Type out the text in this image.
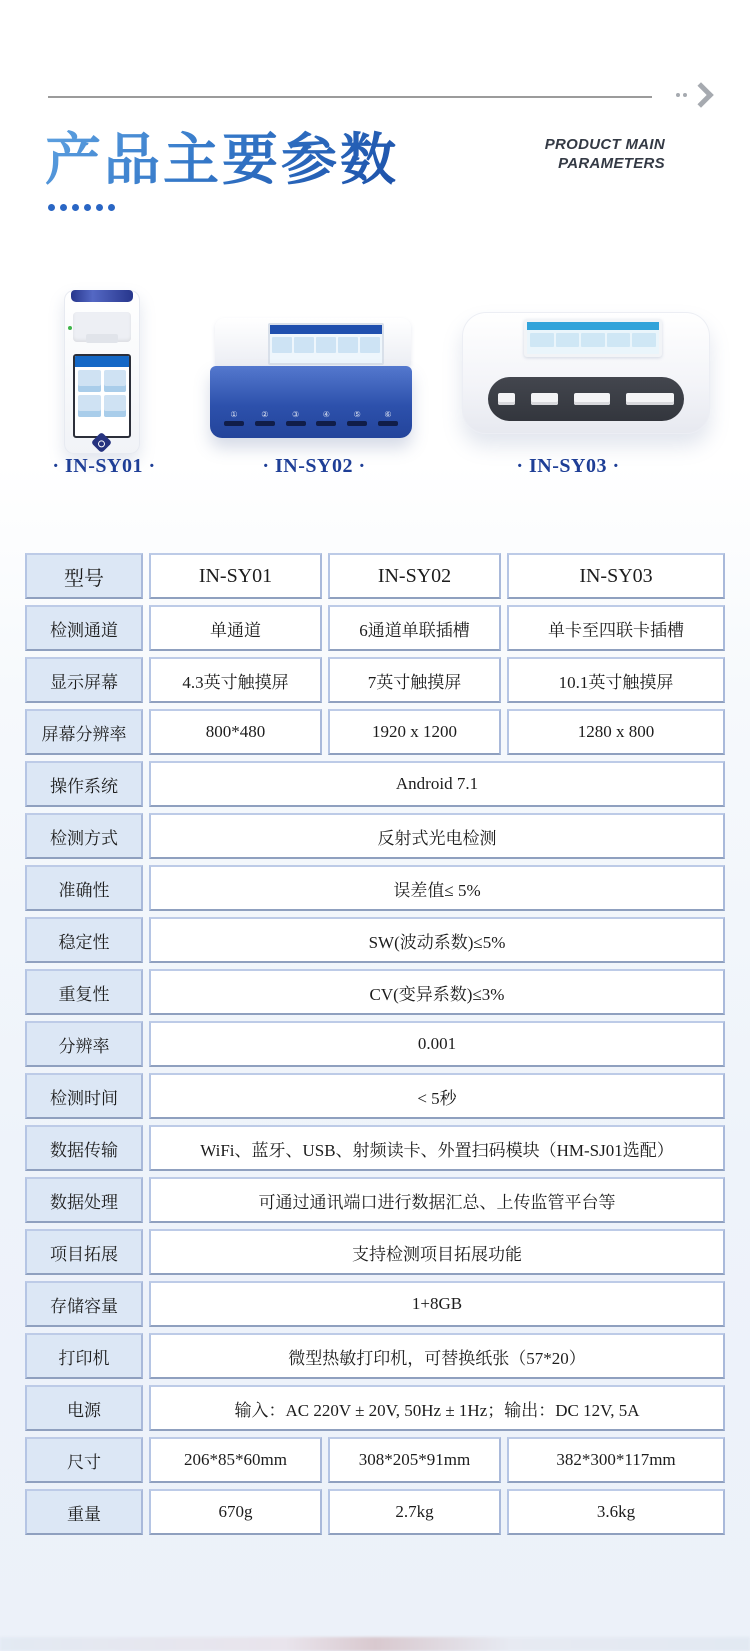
产品主要参数	PRODUCT MAIN
PARAMETERS
①	②	③	④	⑤	⑥
· IN-SY01 ·	· IN-SY02 ·	· IN-SY03 ·
型号	IN-SY01	IN-SY02	IN-SY03
检测通道	单通道	6通道单联插槽	单卡至四联卡插槽
显示屏幕	4.3英寸触摸屏	7英寸触摸屏	10.1英寸触摸屏
屏幕分辨率	800*480	1920 x 1200	1280 x 800
操作系统	Android 7.1
检测方式	反射式光电检测
准确性	误差值≤ 5%
稳定性	SW(波动系数)≤5%
重复性	CV(变异系数)≤3%
分辨率	0.001
检测时间	< 5秒
数据传输	WiFi、蓝牙、USB、射频读卡、外置扫码模块（HM-SJ01选配）
数据处理	可通过通讯端口进行数据汇总、上传监管平台等
项目拓展	支持检测项目拓展功能
存储容量	1+8GB
打印机	微型热敏打印机，可替换纸张（57*20）
电源	输入：AC 220V ± 20V, 50Hz ± 1Hz；输出：DC 12V, 5A
尺寸	206*85*60mm	308*205*91mm	382*300*117mm
重量	670g	2.7kg	3.6kg
